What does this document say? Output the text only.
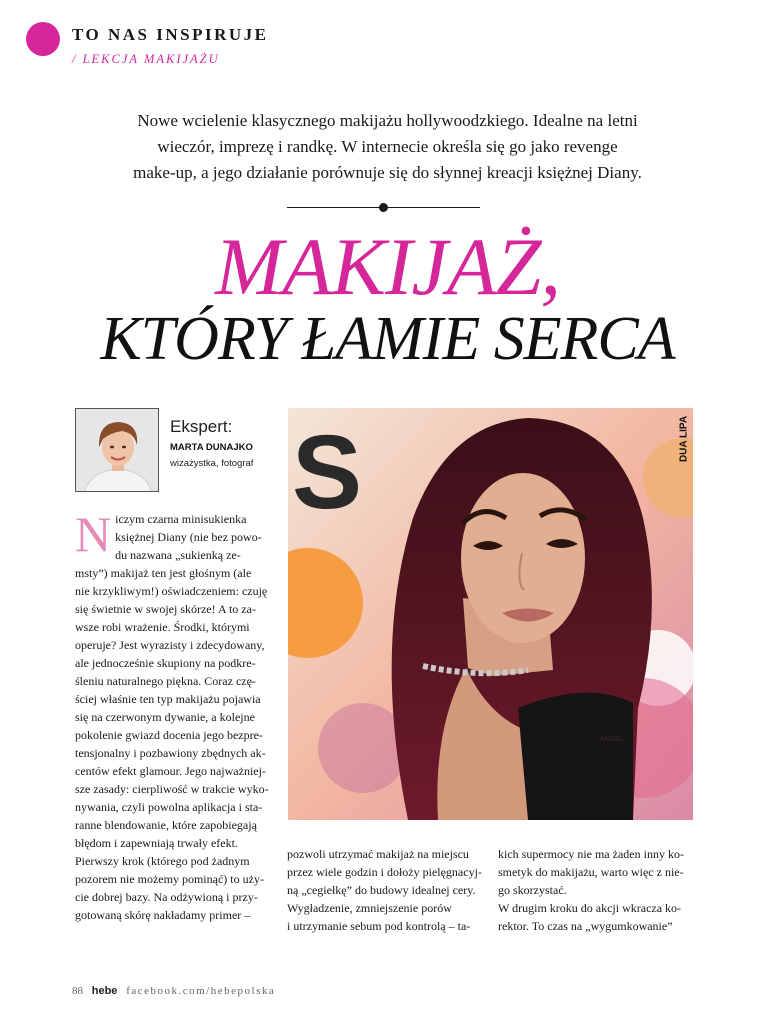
TO NAS INSPIRUJE
/ LEKCJA MAKIJAŻU

Nowe wcielenie klasycznego makijażu hollywoodzkiego. Idealne na letni

wieczór, imprezę i randkę. W internecie określa się go jako revenge

make-up, a jego działanie porównuje się do słynnej kreacji księżnej Diany.

MAKIJAŻ,
KTÓRY ŁAMIE SERCA
Ekspert:
MARTA DUNAJKO
wizażystka, fotograf
N iczym czarna minisukienka
księżnej Diany (nie bez powo-
du nazwana „sukienką ze-
msty”) makijaż ten jest głośnym (ale
nie krzykliwym!) oświadczeniem: czuję
się świetnie w swojej skórze! A to za-
wsze robi wrażenie. Środki, którymi
operuje? Jest wyrazisty i zdecydowany,
ale jednocześnie skupiony na podkre-
śleniu naturalnego piękna. Coraz czę-
ściej właśnie ten typ makijażu pojawia
się na czerwonym dywanie, a kolejne
pokolenie gwiazd docenia jego bezpre-
tensjonalny i pozbawiony zbędnych ak-
centów efekt glamour. Jego najważniej-
sze zasady: cierpliwość w trakcie wyko-
nywania, czyli powolna aplikacja i sta-
ranne blendowanie, które zapobiegają
błędom i zapewniają trwały efekt.
Pierwszy krok (którego pod żadnym
pozorem nie możemy pominąć) to uży-
cie dobrej bazy. Na odżywioną i przy-
gotowaną skórę nakładamy primer –
S
ANGEL
DUA LIPA
pozwoli utrzymać makijaż na miejscu
przez wiele godzin i dołoży pielęgnacyj-
ną „cegiełkę” do budowy idealnej cery.
Wygładzenie, zmniejszenie porów
i utrzymanie sebum pod kontrolą – ta-
kich supermocy nie ma żaden inny ko-
smetyk do makijażu, warto więc z nie-
go skorzystać.
W drugim kroku do akcji wkracza ko-
rektor. To czas na „wygumkowanie”
88 hebe facebook.com/hebepolska
